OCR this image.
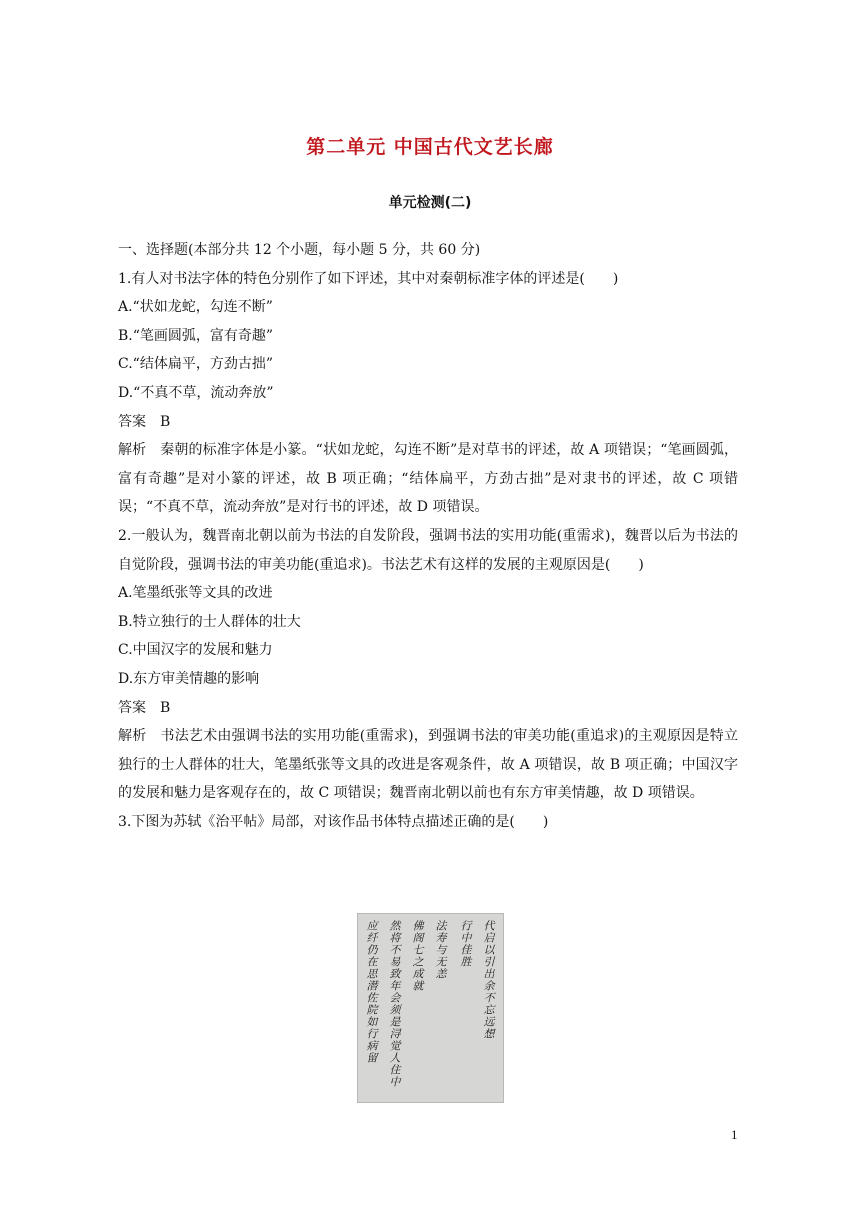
第二单元 中国古代文艺长廊
单元检测(二)

一、选择题(本部分共 12 个小题，每小题 5 分，共 60 分)

1.有人对书法字体的特色分别作了如下评述，其中对秦朝标准字体的评述是(　　)

A.“状如龙蛇，勾连不断”

B.“笔画圆弧，富有奇趣”

C.“结体扁平，方劲古拙”

D.“不真不草，流动奔放”

答案 B

解析 秦朝的标准字体是小篆。“状如龙蛇，勾连不断”是对草书的评述，故 A 项错误；“笔画圆弧，富有奇趣”是对小篆的评述，故 B 项正确；“结体扁平，方劲古拙”是对隶书的评述，故 C 项错误；“不真不草，流动奔放”是对行书的评述，故 D 项错误。

2.一般认为，魏晋南北朝以前为书法的自发阶段，强调书法的实用功能(重需求)，魏晋以后为书法的自觉阶段，强调书法的审美功能(重追求)。书法艺术有这样的发展的主观原因是(　　)

A.笔墨纸张等文具的改进

B.特立独行的士人群体的壮大

C.中国汉字的发展和魅力

D.东方审美情趣的影响

答案 B

解析 书法艺术由强调书法的实用功能(重需求)，到强调书法的审美功能(重追求)的主观原因是特立独行的士人群体的壮大，笔墨纸张等文具的改进是客观条件，故 A 项错误，故 B 项正确；中国汉字的发展和魅力是客观存在的，故 C 项错误；魏晋南北朝以前也有东方审美情趣，故 D 项错误。

3.下图为苏轼《治平帖》局部，对该作品书体特点描述正确的是(　　)

应纤仍在思潜佐院如行病留 然将不易致年会须是浔觉人住中 佛阁七之成就 法寿与无恙	行中佳胜 代启以引出余不忘远想
1
